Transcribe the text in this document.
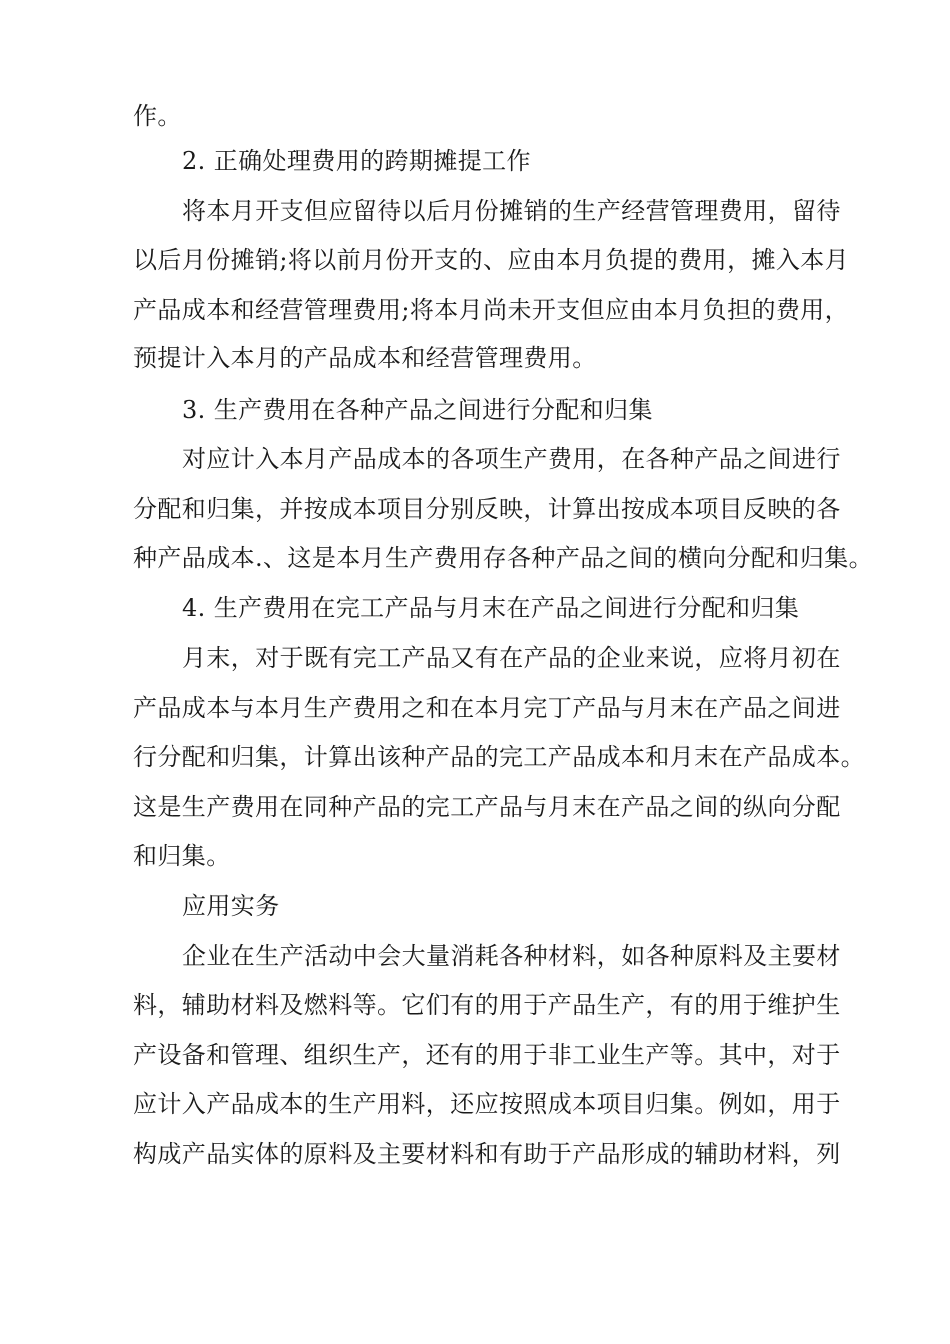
作。
2. 正确处理费用的跨期摊提工作
将本月开支但应留待以后月份摊销的生产经营管理费用，留待
以后月份摊销;将以前月份开支的、应由本月负提的费用，摊入本月
产品成本和经营管理费用;将本月尚未开支但应由本月负担的费用，
预提计入本月的产品成本和经营管理费用。
3. 生产费用在各种产品之间进行分配和归集
对应计入本月产品成本的各项生产费用，在各种产品之间进行
分配和归集，并按成本项目分别反映，计算出按成本项目反映的各
种产品成本.、这是本月生产费用存各种产品之间的横向分配和归集。
4. 生产费用在完工产品与月末在产品之间进行分配和归集
月末，对于既有完工产品又有在产品的企业来说，应将月初在
产品成本与本月生产费用之和在本月完丁产品与月末在产品之间进
行分配和归集，计算出该种产品的完工产品成本和月末在产品成本。
这是生产费用在同种产品的完工产品与月末在产品之间的纵向分配
和归集。
应用实务
企业在生产活动中会大量消耗各种材料，如各种原料及主要材
料，辅助材料及燃料等。它们有的用于产品生产，有的用于维护生
产设备和管理、组织生产，还有的用于非工业生产等。其中，对于
应计入产品成本的生产用料，还应按照成本项目归集。例如，用于
构成产品实体的原料及主要材料和有助于产品形成的辅助材料，列
